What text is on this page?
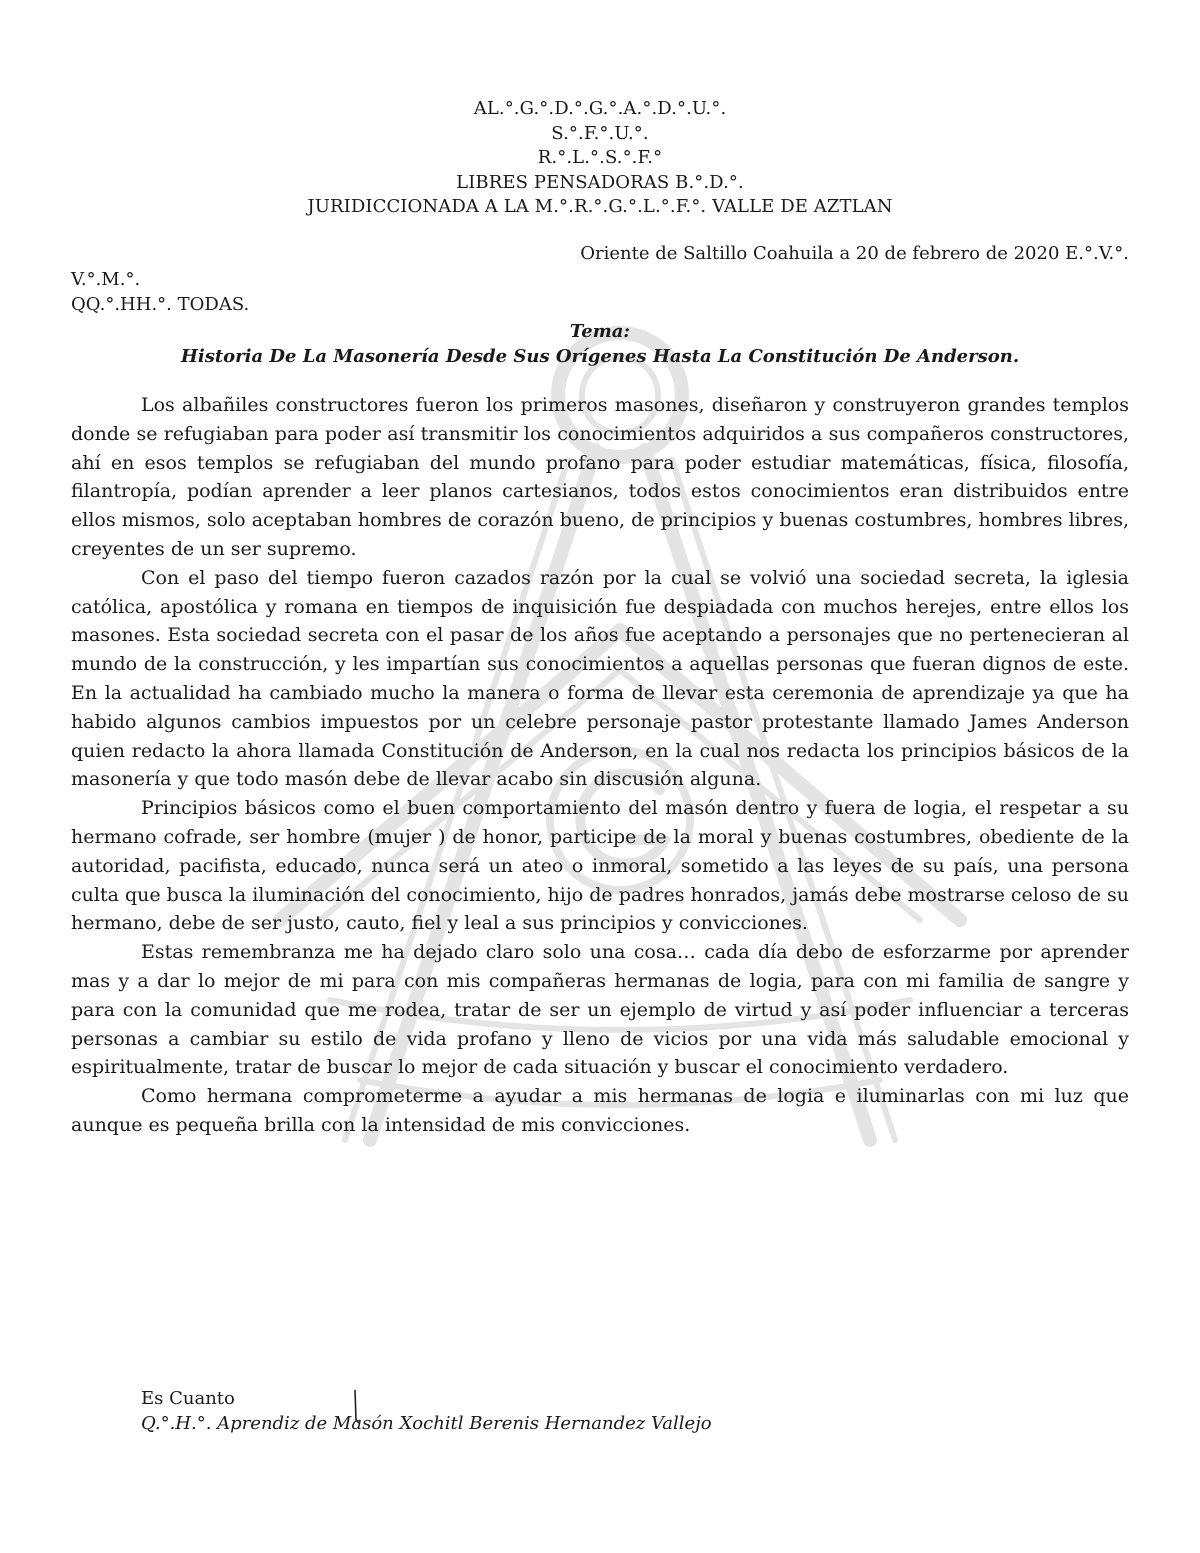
AL.°.G.°.D.°.G.°.A.°.D.°.U.°.
S.°.F.°.U.°.
R.°.L.°.S.°.F.°
LIBRES PENSADORAS B.°.D.°.
JURIDICCIONADA A LA M.°.R.°.G.°.L.°.F.°. VALLE DE AZTLAN
Oriente de Saltillo Coahuila a 20 de febrero de 2020 E.°.V.°.
V.°.M.°.
QQ.°.HH.°. TODAS.
Tema:
Historia De La Masonería Desde Sus Orígenes Hasta La Constitución De Anderson.

Los albañiles constructores fueron los primeros masones, diseñaron y construyeron grandes templos donde se refugiaban para poder así transmitir los conocimientos adquiridos a sus compañeros constructores, ahí en esos templos se refugiaban del mundo profano para poder estudiar matemáticas, física, filosofía, filantropía, podían aprender a leer planos cartesianos, todos estos conocimientos eran distribuidos entre ellos mismos, solo aceptaban hombres de corazón bueno, de principios y buenas costumbres, hombres libres, creyentes de un ser supremo.

Con el paso del tiempo fueron cazados razón por la cual se volvió una sociedad secreta, la iglesia católica, apostólica y romana en tiempos de inquisición fue despiadada con muchos herejes, entre ellos los masones. Esta sociedad secreta con el pasar de los años fue aceptando a personajes que no pertenecieran al mundo de la construcción, y les impartían sus conocimientos a aquellas personas que fueran dignos de este. En la actualidad ha cambiado mucho la manera o forma de llevar esta ceremonia de aprendizaje ya que ha habido algunos cambios impuestos por un celebre personaje pastor protestante llamado James Anderson quien redacto la ahora llamada Constitución de Anderson, en la cual nos redacta los principios básicos de la masonería y que todo masón debe de llevar acabo sin discusión alguna.

Principios básicos como el buen comportamiento del masón dentro y fuera de logia, el respetar a su hermano cofrade, ser hombre (mujer ) de honor, participe de la moral y buenas costumbres, obediente de la autoridad, pacifista, educado, nunca será un ateo o inmoral, sometido a las leyes de su país, una persona culta que busca la iluminación del conocimiento, hijo de padres honrados, jamás debe mostrarse celoso de su hermano, debe de ser justo, cauto, fiel y leal a sus principios y convicciones.

Estas remembranza me ha dejado claro solo una cosa… cada día debo de esforzarme por aprender mas y a dar lo mejor de mi para con mis compañeras hermanas de logia, para con mi familia de sangre y para con la comunidad que me rodea, tratar de ser un ejemplo de virtud y así poder influenciar a terceras personas a cambiar su estilo de vida profano y lleno de vicios por una vida más saludable emocional y espiritualmente, tratar de buscar lo mejor de cada situación y buscar el conocimiento verdadero.

Como hermana comprometerme a ayudar a mis hermanas de logia e iluminarlas con mi luz que aunque es pequeña brilla con la intensidad de mis convicciones.

Es Cuanto
Q.°.H.°. Aprendiz de Masón Xochitl Berenis Hernandez Vallejo
